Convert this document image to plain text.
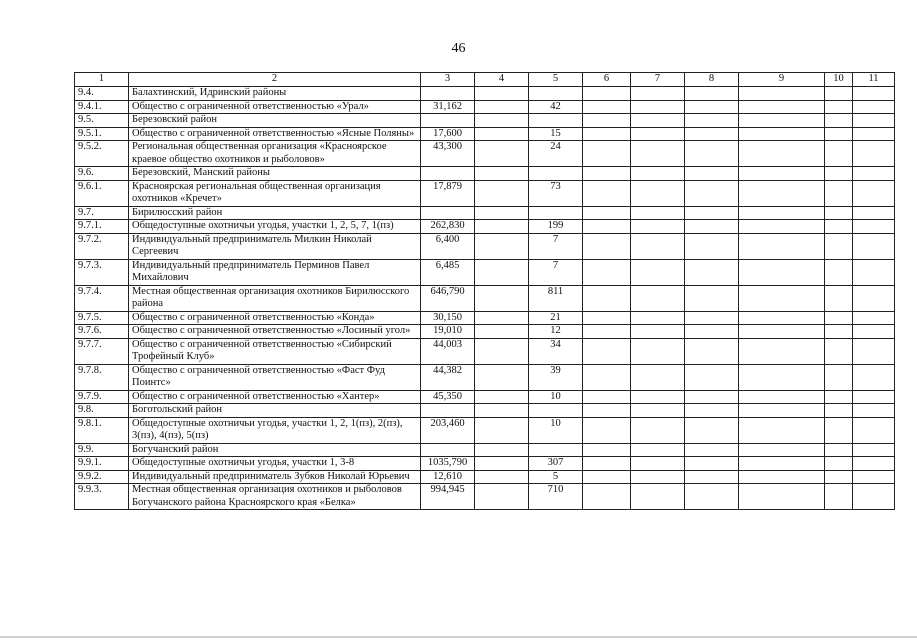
46
1	2	3	4	5	6	7	8	9	10	11
9.4.	Балахтинский, Идринский районы									
9.4.1.	Общество с ограниченной ответственностью «Урал»	31,162		42						
9.5.	Березовский район									
9.5.1.	Общество с ограниченной ответственностью «Ясные Поляны»	17,600		15						
9.5.2.	Региональная общественная организация «Красноярское краевое общество охотников и рыболовов»	43,300		24						
9.6.	Березовский, Манский районы									
9.6.1.	Красноярская региональная общественная организация охотников «Кречет»	17,879		73						
9.7.	Бирилюсский район									
9.7.1.	Общедоступные охотничьи угодья, участки 1, 2, 5, 7, 1(пз)	262,830		199						
9.7.2.	Индивидуальный предприниматель Милкин Николай Сергеевич	6,400		7						
9.7.3.	Индивидуальный предприниматель Перминов Павел Михайлович	6,485		7						
9.7.4.	Местная общественная организация охотников Бирилюсского района	646,790		811						
9.7.5.	Общество с ограниченной ответственностью «Конда»	30,150		21						
9.7.6.	Общество с ограниченной ответственностью «Лосиный угол»	19,010		12						
9.7.7.	Общество с ограниченной ответственностью «Сибирский Трофейный Клуб»	44,003		34						
9.7.8.	Общество с ограниченной ответственностью «Фаст Фуд Поинтс»	44,382		39						
9.7.9.	Общество с ограниченной ответственностью «Хантер»	45,350		10						
9.8.	Боготольский район									
9.8.1.	Общедоступные охотничьи угодья, участки 1, 2, 1(пз), 2(пз), 3(пз), 4(пз), 5(пз)	203,460		10						
9.9.	Богучанский район									
9.9.1.	Общедоступные охотничьи угодья, участки 1, 3-8	1035,790		307						
9.9.2.	Индивидуальный предприниматель Зубков Николай Юрьевич	12,610		5						
9.9.3.	Местная общественная организация охотников и рыболовов Богучанского района Красноярского края «Белка»	994,945		710						
